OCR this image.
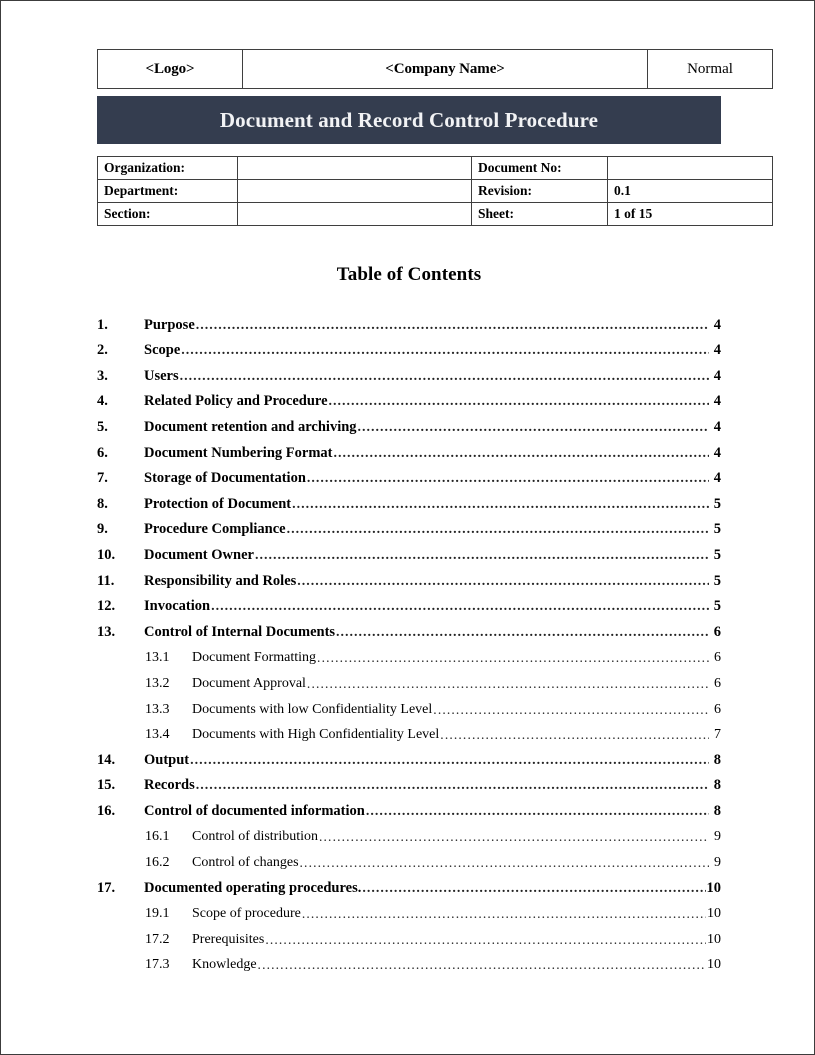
<Logo>	<Company Name>	Normal
Document and Record Control Procedure
Organization:		Document No:	
Department:		Revision:	0.1
Section:		Sheet:	1 of 15
Table of Contents
1.	Purpose .....	4
2.	Scope .....	4
3.	Users .....	4
4.	Related Policy and Procedure .....	4
5.	Document retention and archiving .....	4
6.	Document Numbering Format .....	4
7.	Storage of Documentation .....	4
8.	Protection of Document .....	5
9.	Procedure Compliance .....	5
10.	Document Owner .....	5
11.	Responsibility and Roles .....	5
12.	Invocation .....	5
13.	Control of Internal Documents .....	6
13.1	Document Formatting .....	6
13.2	Document Approval .....	6
13.3	Documents with low Confidentiality Level .....	6
13.4	Documents with High Confidentiality Level .....	7
14.	Output .....	8
15.	Records .....	8
16.	Control of documented information .....	8
16.1	Control of distribution .....	9
16.2	Control of changes .....	9
17.	Documented operating procedures. .....	10
19.1	Scope of procedure .....	10
17.2	Prerequisites .....	10
17.3	Knowledge .....	10
